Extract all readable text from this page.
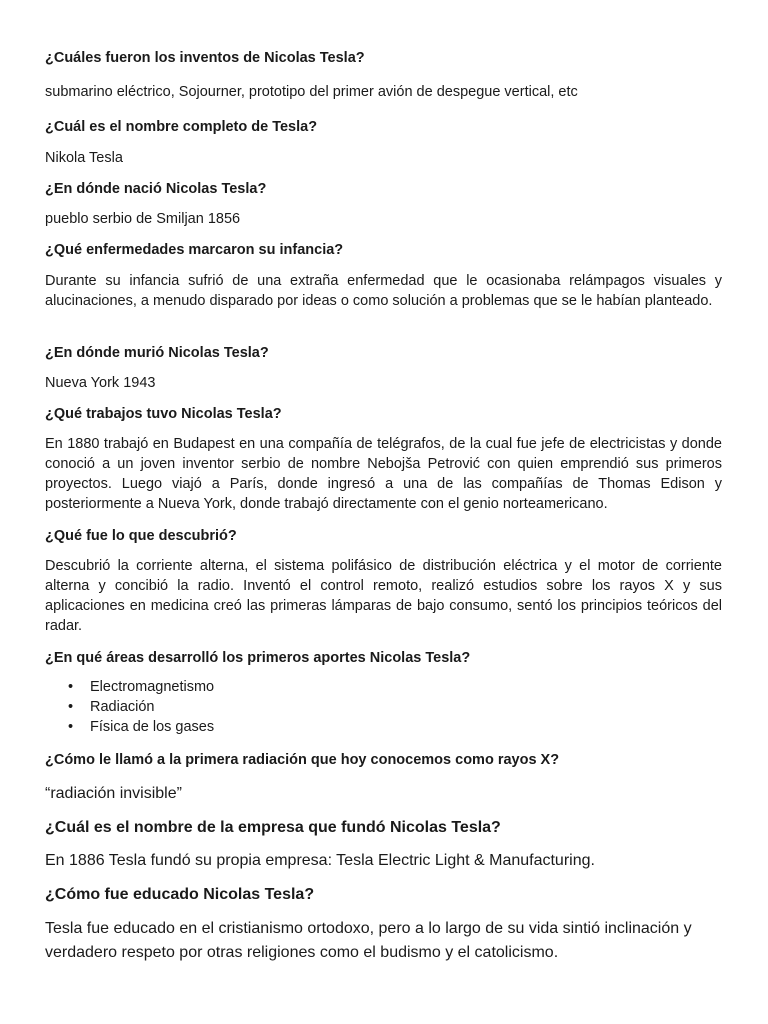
¿Cuáles fueron los inventos de Nicolas Tesla?

submarino eléctrico, Sojourner, prototipo del primer avión de despegue vertical, etc

¿Cuál es el nombre completo de Tesla?

Nikola Tesla

¿En dónde nació Nicolas Tesla?

pueblo serbio de Smiljan 1856

¿Qué enfermedades marcaron su infancia?

Durante su infancia sufrió de una extraña enfermedad que le ocasionaba relámpagos visuales y alucinaciones, a menudo disparado por ideas o como solución a problemas que se le habían planteado.

¿En dónde murió Nicolas Tesla?

Nueva York 1943

¿Qué trabajos tuvo Nicolas Tesla?

En 1880 trabajó en Budapest en una compañía de telégrafos, de la cual fue jefe de electricistas y donde conoció a un joven inventor serbio de nombre Nebojša Petrović con quien emprendió sus primeros proyectos. Luego viajó a París, donde ingresó a una de las compañías de Thomas Edison y posteriormente a Nueva York, donde trabajó directamente con el genio norteamericano.

¿Qué fue lo que descubrió?

Descubrió la corriente alterna, el sistema polifásico de distribución eléctrica y el motor de corriente alterna y concibió la radio. Inventó el control remoto, realizó estudios sobre los rayos X y sus aplicaciones en medicina creó las primeras lámparas de bajo consumo, sentó los principios teóricos del radar.

¿En qué áreas desarrolló los primeros aportes Nicolas Tesla?

• Electromagnetismo
• Radiación
• Física de los gases

¿Cómo le llamó a la primera radiación que hoy conocemos como rayos X?

“radiación invisible”

¿Cuál es el nombre de la empresa que fundó Nicolas Tesla?

En 1886 Tesla fundó su propia empresa: Tesla Electric Light & Manufacturing.

¿Cómo fue educado Nicolas Tesla?

Tesla fue educado en el cristianismo ortodoxo, pero a lo largo de su vida sintió inclinación y verdadero respeto por otras religiones como el budismo y el catolicismo.
